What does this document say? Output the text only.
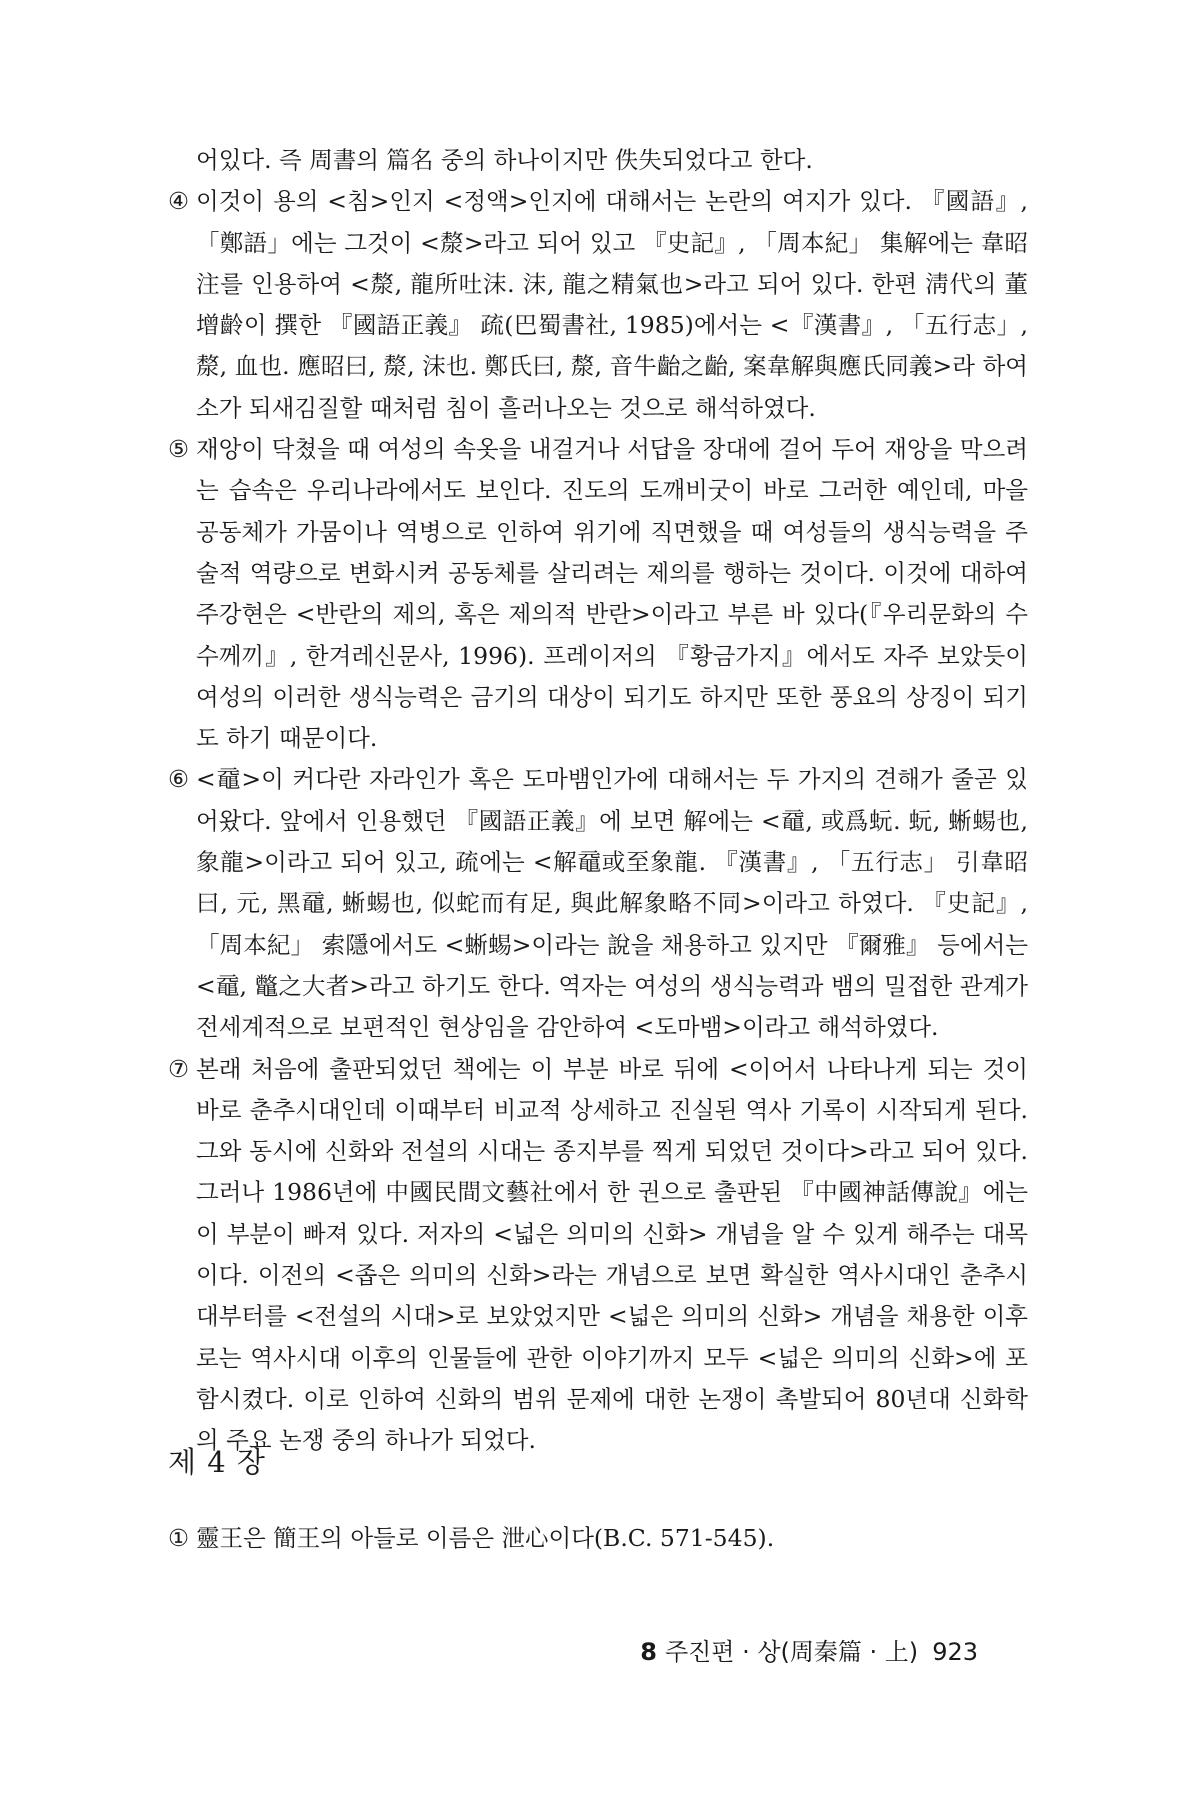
어있다. 즉 周書의 篇名 중의 하나이지만 佚失되었다고 한다.

④ 이것이 용의 <침>인지 <정액>인지에 대해서는 논란의 여지가 있다. 『國語』, 「鄭語」에는 그것이 <漦>라고 되어 있고 『史記』, 「周本紀」 集解에는 韋昭注를 인용하여 <漦, 龍所吐沫. 沫, 龍之精氣也>라고 되어 있다. 한편 淸代의 董增齡이 撰한 『國語正義』 疏(巴蜀書社, 1985)에서는 <『漢書』, 「五行志」, 漦, 血也. 應昭曰, 漦, 沫也. 鄭氏曰, 漦, 音牛齝之齝, 案韋解與應氏同義>라 하여 소가 되새김질할 때처럼 침이 흘러나오는 것으로 해석하였다.

⑤ 재앙이 닥쳤을 때 여성의 속옷을 내걸거나 서답을 장대에 걸어 두어 재앙을 막으려는 습속은 우리나라에서도 보인다. 진도의 도깨비굿이 바로 그러한 예인데, 마을 공동체가 가뭄이나 역병으로 인하여 위기에 직면했을 때 여성들의 생식능력을 주술적 역량으로 변화시켜 공동체를 살리려는 제의를 행하는 것이다. 이것에 대하여 주강현은 <반란의 제의, 혹은 제의적 반란>이라고 부른 바 있다(『우리문화의 수수께끼』, 한겨레신문사, 1996). 프레이저의 『황금가지』에서도 자주 보았듯이 여성의 이러한 생식능력은 금기의 대상이 되기도 하지만 또한 풍요의 상징이 되기도 하기 때문이다.

⑥ <黿>이 커다란 자라인가 혹은 도마뱀인가에 대해서는 두 가지의 견해가 줄곧 있어왔다. 앞에서 인용했던 『國語正義』에 보면 解에는 <黿, 或爲蚖. 蚖, 蜥蜴也, 象龍>이라고 되어 있고, 疏에는 <解黿或至象龍. 『漢書』, 「五行志」 引韋昭曰, 元, 黑黿, 蜥蜴也, 似蛇而有足, 與此解象略不同>이라고 하였다. 『史記』, 「周本紀」 索隱에서도 <蜥蜴>이라는 說을 채용하고 있지만 『爾雅』 등에서는 <黿, 鼈之大者>라고 하기도 한다. 역자는 여성의 생식능력과 뱀의 밀접한 관계가 전세계적으로 보편적인 현상임을 감안하여 <도마뱀>이라고 해석하였다.

⑦ 본래 처음에 출판되었던 책에는 이 부분 바로 뒤에 <이어서 나타나게 되는 것이 바로 춘추시대인데 이때부터 비교적 상세하고 진실된 역사 기록이 시작되게 된다. 그와 동시에 신화와 전설의 시대는 종지부를 찍게 되었던 것이다>라고 되어 있다. 그러나 1986년에 中國民間文藝社에서 한 권으로 출판된 『中國神話傳說』에는 이 부분이 빠져 있다. 저자의 <넓은 의미의 신화> 개념을 알 수 있게 해주는 대목이다. 이전의 <좁은 의미의 신화>라는 개념으로 보면 확실한 역사시대인 춘추시대부터를 <전설의 시대>로 보았었지만 <넓은 의미의 신화> 개념을 채용한 이후로는 역사시대 이후의 인물들에 관한 이야기까지 모두 <넓은 의미의 신화>에 포함시켰다. 이로 인하여 신화의 범위 문제에 대한 논쟁이 촉발되어 80년대 신화학의 주요 논쟁 중의 하나가 되었다.

제 4 장

① 靈王은 簡王의 아들로 이름은 泄心이다(B.C. 571-545).

8 주진편 · 상(周秦篇 · 上) 923
